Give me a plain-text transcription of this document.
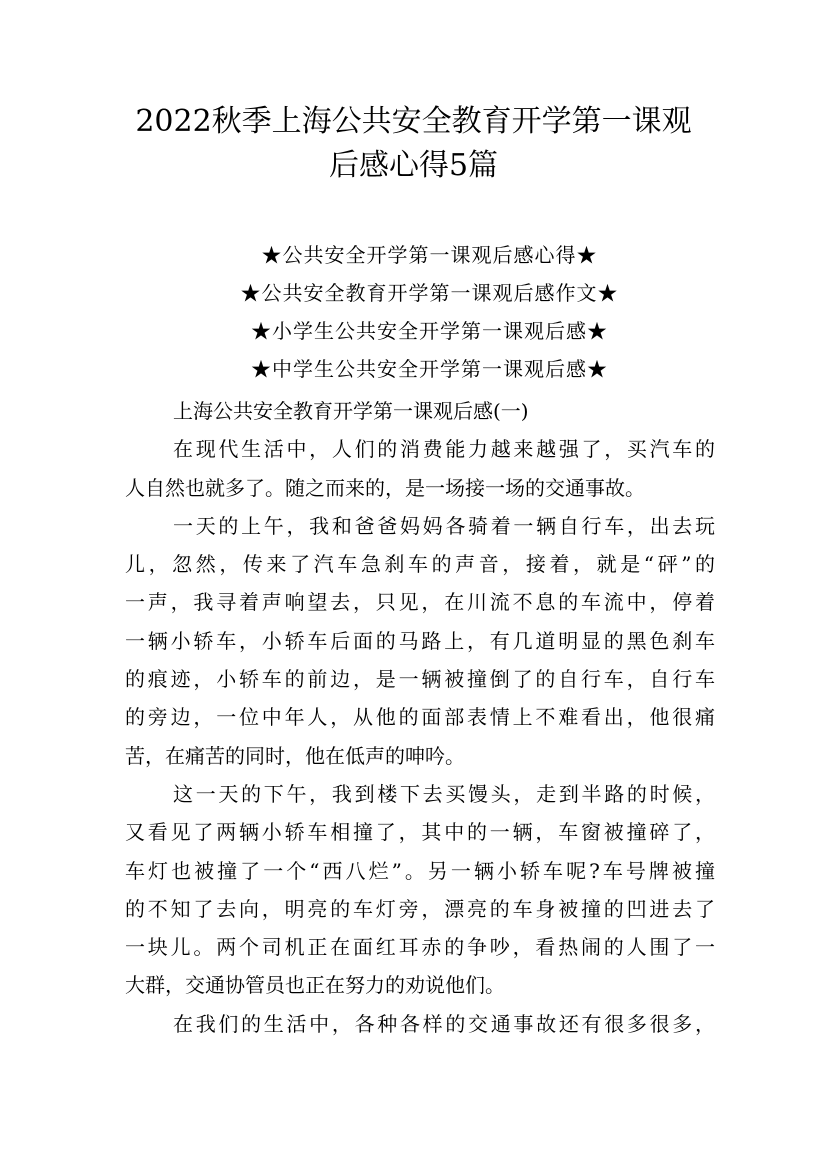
2022秋季上海公共安全教育开学第一课观
后感心得5篇
★公共安全开学第一课观后感心得★
★公共安全教育开学第一课观后感作文★
★小学生公共安全开学第一课观后感★
★中学生公共安全开学第一课观后感★
上海公共安全教育开学第一课观后感(一)
在现代生活中，人们的消费能力越来越强了，买汽车的
人自然也就多了。随之而来的，是一场接一场的交通事故。
一天的上午，我和爸爸妈妈各骑着一辆自行车，出去玩
儿，忽然，传来了汽车急刹车的声音，接着，就是“砰”的
一声，我寻着声响望去，只见，在川流不息的车流中，停着
一辆小轿车，小轿车后面的马路上，有几道明显的黑色刹车
的痕迹，小轿车的前边，是一辆被撞倒了的自行车，自行车
的旁边，一位中年人，从他的面部表情上不难看出，他很痛
苦，在痛苦的同时，他在低声的呻吟。
这一天的下午，我到楼下去买馒头，走到半路的时候，
又看见了两辆小轿车相撞了，其中的一辆，车窗被撞碎了，
车灯也被撞了一个“西八烂”。另一辆小轿车呢?车号牌被撞
的不知了去向，明亮的车灯旁，漂亮的车身被撞的凹进去了
一块儿。两个司机正在面红耳赤的争吵，看热闹的人围了一
大群，交通协管员也正在努力的劝说他们。
在我们的生活中，各种各样的交通事故还有很多很多，
